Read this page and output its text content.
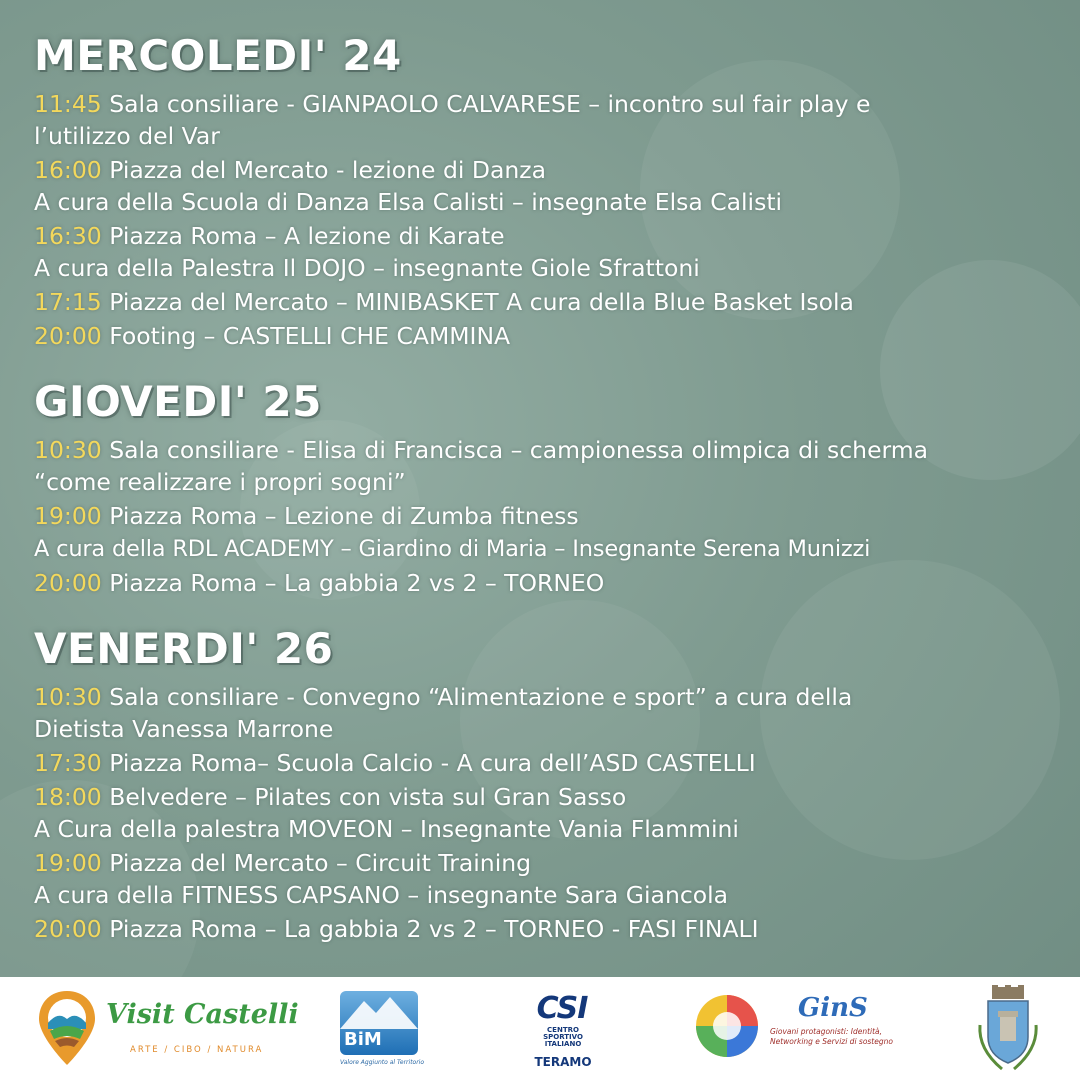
MERCOLEDI' 24
11:45 Sala consiliare - GIANPAOLO CALVARESE – incontro sul fair play e
l’utilizzo del Var
16:00 Piazza del Mercato - lezione di Danza
A cura della Scuola di Danza Elsa Calisti – insegnate Elsa Calisti
16:30 Piazza Roma – A lezione di Karate
A cura della Palestra Il DOJO – insegnante Giole Sfrattoni
17:15 Piazza del Mercato – MINIBASKET A cura della Blue Basket Isola
20:00 Footing – CASTELLI CHE CAMMINA
GIOVEDI' 25
10:30 Sala consiliare - Elisa di Francisca – campionessa olimpica di scherma
“come realizzare i propri sogni”
19:00 Piazza Roma – Lezione di Zumba fitness
A cura della RDL ACADEMY – Giardino di Maria – Insegnante Serena Munizzi
20:00 Piazza Roma – La gabbia 2 vs 2 – TORNEO
VENERDI' 26
10:30 Sala consiliare - Convegno “Alimentazione e sport” a cura della
Dietista Vanessa Marrone
17:30 Piazza Roma– Scuola Calcio - A cura dell’ASD CASTELLI
18:00 Belvedere – Pilates con vista sul Gran Sasso
A Cura della palestra MOVEON – Insegnante Vania Flammini
19:00 Piazza del Mercato – Circuit Training
A cura della FITNESS CAPSANO – insegnante Sara Giancola
20:00 Piazza Roma – La gabbia 2 vs 2 – TORNEO - FASI FINALI
Visit Castelli
ARTE / CIBO / NATURA	BiM
Valore Aggiunto al Territorio
CSI
CENTRO SPORTIVO ITALIANO
TERAMO
GinS
Giovani protagonisti: Identità, Networking e Servizi di sostegno
